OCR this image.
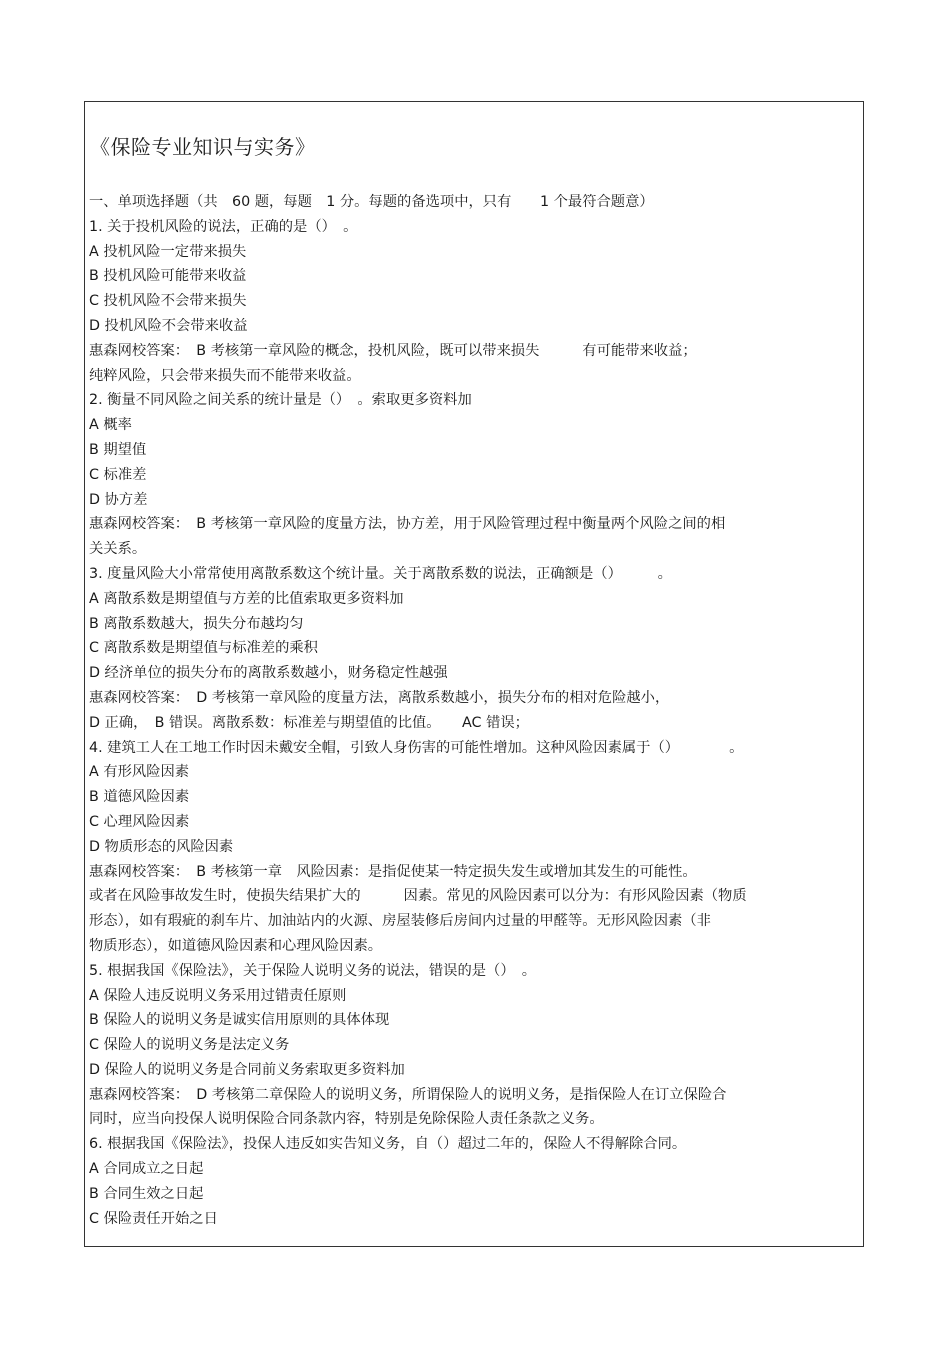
《保险专业知识与实务》
一、单项选择题（共　60 题，每题　1 分。每题的备选项中，只有　　1 个最符合题意）
1. 关于投机风险的说法，正确的是（）　。
A 投机风险一定带来损失
B 投机风险可能带来收益
C 投机风险不会带来损失
D 投机风险不会带来收益
惠森网校答案：　B 考核第一章风险的概念，投机风险，既可以带来损失　　　有可能带来收益；
纯粹风险，只会带来损失而不能带来收益。
2. 衡量不同风险之间关系的统计量是（）　。索取更多资料加
A 概率
B 期望值
C 标准差
D 协方差
惠森网校答案：　B 考核第一章风险的度量方法，协方差，用于风险管理过程中衡量两个风险之间的相
关关系。
3. 度量风险大小常常使用离散系数这个统计量。关于离散系数的说法，正确额是（）　　　。
A 离散系数是期望值与方差的比值索取更多资料加
B 离散系数越大，损失分布越均匀
C 离散系数是期望值与标准差的乘积
D 经济单位的损失分布的离散系数越小，财务稳定性越强
惠森网校答案：　D 考核第一章风险的度量方法，离散系数越小，损失分布的相对危险越小，
D 正确，　B 错误。离散系数：标准差与期望值的比值。　　AC 错误；
4. 建筑工人在工地工作时因未戴安全帽，引致人身伤害的可能性增加。这种风险因素属于（）　　　　。
A 有形风险因素
B 道德风险因素
C 心理风险因素
D 物质形态的风险因素
惠森网校答案：　B 考核第一章　风险因素：是指促使某一特定损失发生或增加其发生的可能性。
或者在风险事故发生时，使损失结果扩大的　　　因素。常见的风险因素可以分为：有形风险因素（物质
形态），如有瑕疵的刹车片、加油站内的火源、房屋装修后房间内过量的甲醛等。无形风险因素（非
物质形态），如道德风险因素和心理风险因素。
5. 根据我国《保险法》，关于保险人说明义务的说法，错误的是（）　。
A 保险人违反说明义务采用过错责任原则
B 保险人的说明义务是诚实信用原则的具体体现
C 保险人的说明义务是法定义务
D 保险人的说明义务是合同前义务索取更多资料加
惠森网校答案：　D 考核第二章保险人的说明义务，所谓保险人的说明义务，是指保险人在订立保险合
同时，应当向投保人说明保险合同条款内容，特别是免除保险人责任条款之义务。
6. 根据我国《保险法》，投保人违反如实告知义务，自（）超过二年的，保险人不得解除合同。
A 合同成立之日起
B 合同生效之日起
C 保险责任开始之日
